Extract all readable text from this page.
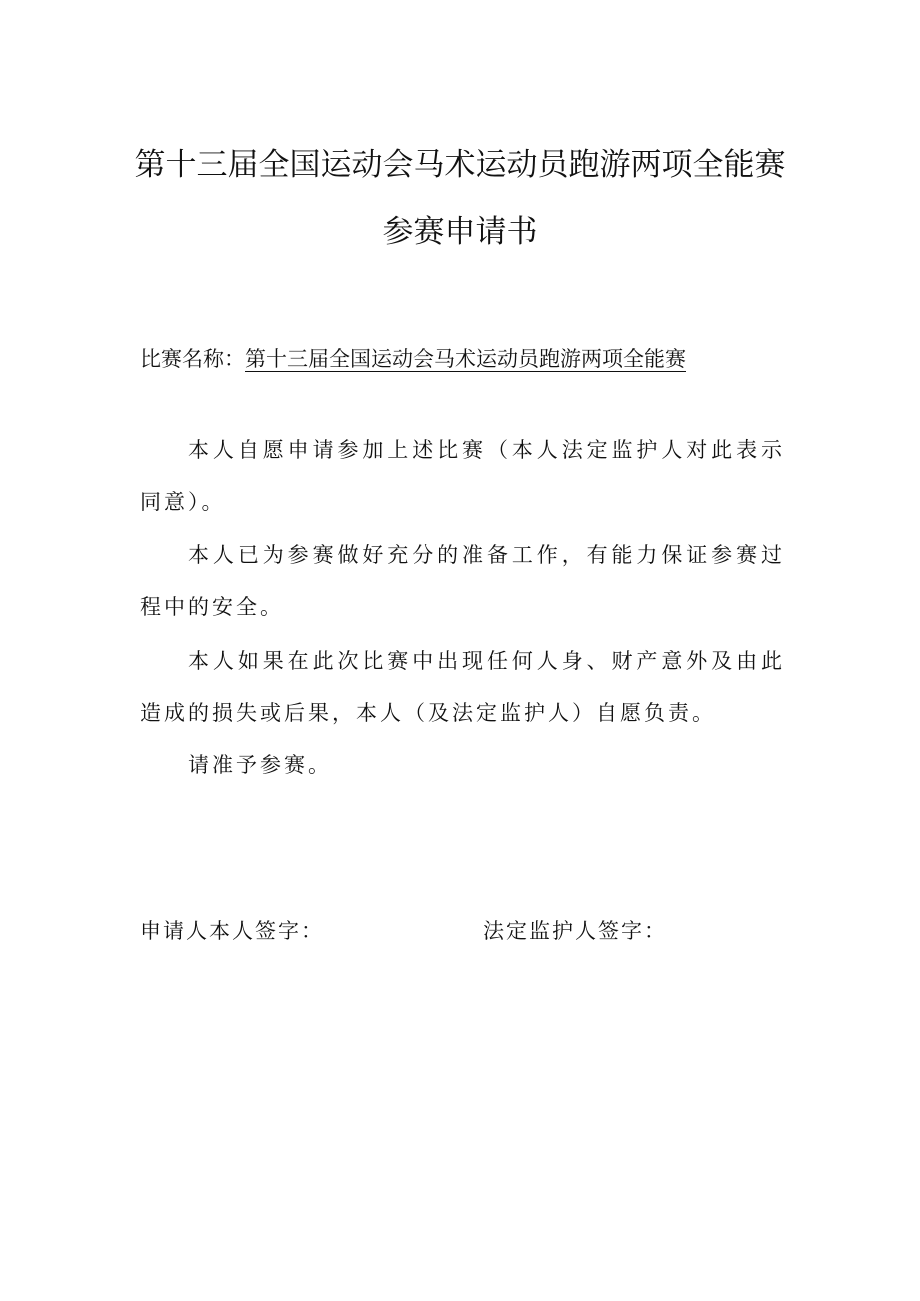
第十三届全国运动会马术运动员跑游两项全能赛
参赛申请书
比赛名称：第十三届全国运动会马术运动员跑游两项全能赛

本人自愿申请参加上述比赛（本人法定监护人对此表示同意）。

本人已为参赛做好充分的准备工作，有能力保证参赛过程中的安全。

本人如果在此次比赛中出现任何人身、财产意外及由此造成的损失或后果，本人（及法定监护人）自愿负责。

请准予参赛。

申请人本人签字：	法定监护人签字：
